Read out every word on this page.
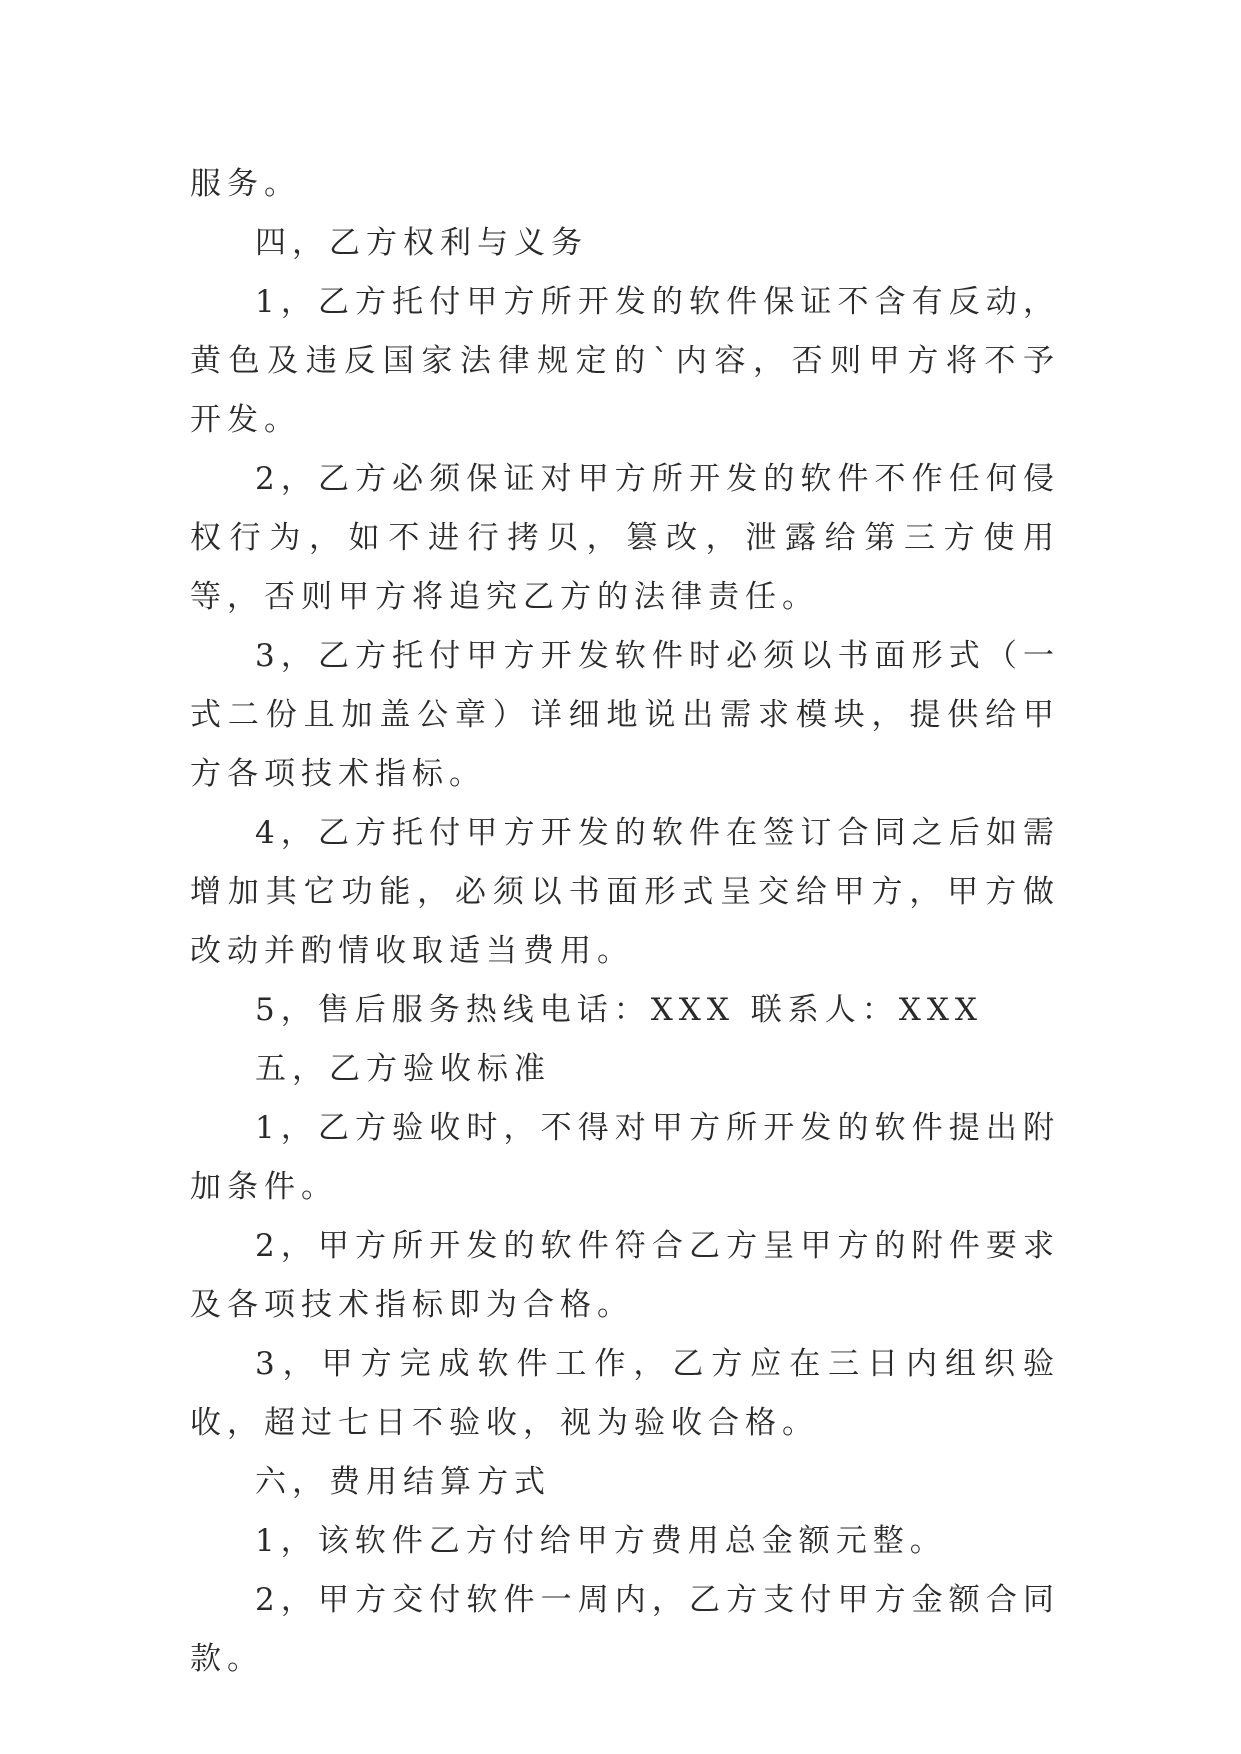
服务。

四，乙方权利与义务

1，乙方托付甲方所开发的软件保证不含有反动，黄色及违反国家法律规定的`内容，否则甲方将不予开发。

2，乙方必须保证对甲方所开发的软件不作任何侵权行为，如不进行拷贝，篡改，泄露给第三方使用等，否则甲方将追究乙方的法律责任。

3，乙方托付甲方开发软件时必须以书面形式（一式二份且加盖公章）详细地说出需求模块，提供给甲方各项技术指标。

4，乙方托付甲方开发的软件在签订合同之后如需增加其它功能，必须以书面形式呈交给甲方，甲方做改动并酌情收取适当费用。

5，售后服务热线电话：XXX 联系人：XXX

五，乙方验收标准

1，乙方验收时，不得对甲方所开发的软件提出附加条件。

2，甲方所开发的软件符合乙方呈甲方的附件要求及各项技术指标即为合格。

3，甲方完成软件工作，乙方应在三日内组织验收，超过七日不验收，视为验收合格。

六，费用结算方式

1，该软件乙方付给甲方费用总金额元整。

2，甲方交付软件一周内，乙方支付甲方金额合同款。
